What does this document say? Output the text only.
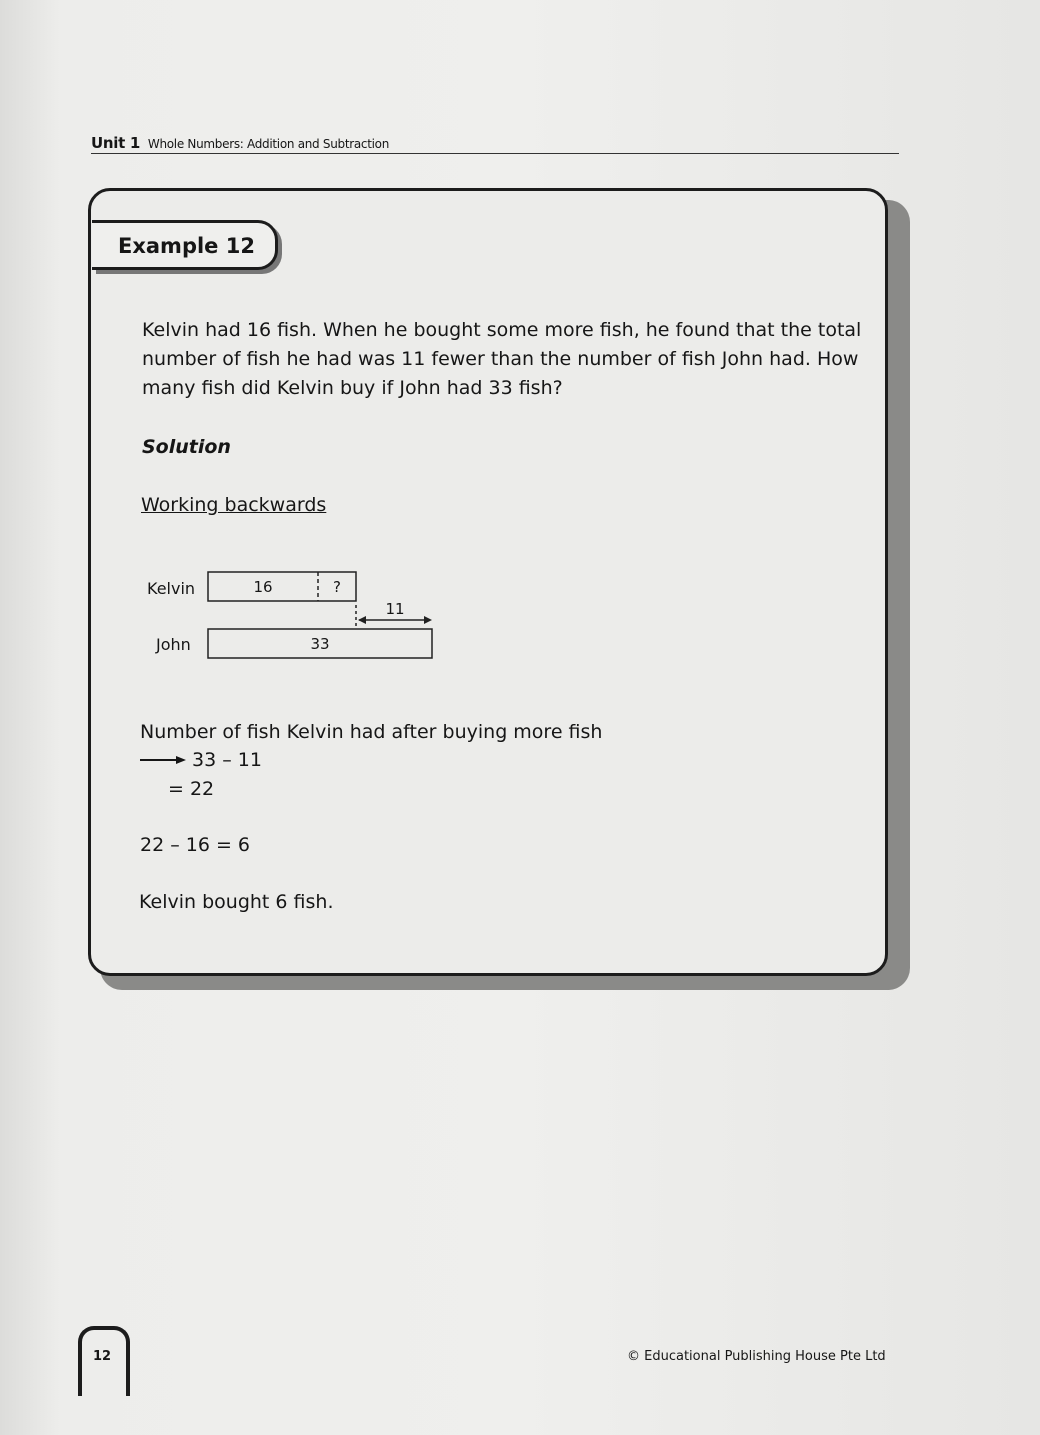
Unit 1 Whole Numbers: Addition and Subtraction
Example 12
Kelvin had 16 fish. When he bought some more fish, he found that the total number of fish he had was 11 fewer than the number of fish John had. How many fish did Kelvin buy if John had 33 fish?
Solution
Working backwards
Kelvin	16	?
11
John	33
Number of fish Kelvin had after buying more fish
33 – 11
= 22
22 – 16 = 6
Kelvin bought 6 fish.
12	© Educational Publishing House Pte Ltd
